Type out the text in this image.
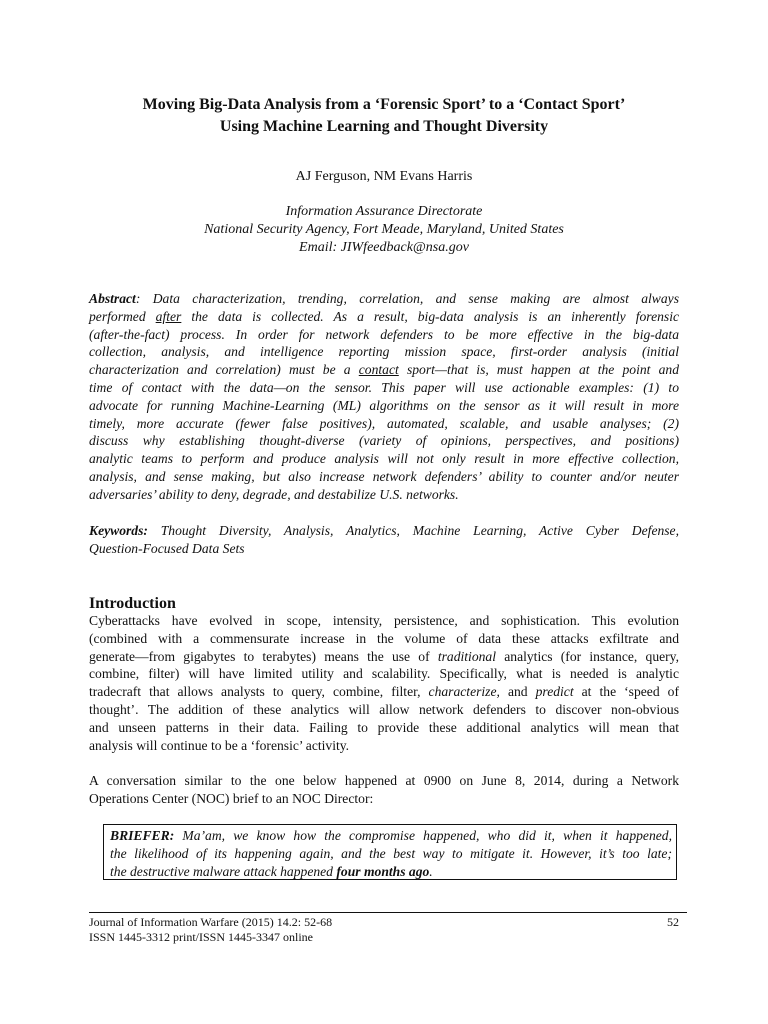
Moving Big-Data Analysis from a ‘Forensic Sport’ to a ‘Contact Sport’
Using Machine Learning and Thought Diversity
AJ Ferguson, NM Evans Harris
Information Assurance Directorate
National Security Agency, Fort Meade, Maryland, United States
Email: JIWfeedback@nsa.gov
Abstract: Data characterization, trending, correlation, and sense making are almost always
performed after the data is collected. As a result, big-data analysis is an inherently forensic
(after-the-fact) process. In order for network defenders to be more effective in the big-data
collection, analysis, and intelligence reporting mission space, first-order analysis (initial
characterization and correlation) must be a contact sport—that is, must happen at the point and
time of contact with the data—on the sensor. This paper will use actionable examples: (1) to
advocate for running Machine-Learning (ML) algorithms on the sensor as it will result in more
timely, more accurate (fewer false positives), automated, scalable, and usable analyses; (2)
discuss why establishing thought-diverse (variety of opinions, perspectives, and positions)
analytic teams to perform and produce analysis will not only result in more effective collection,
analysis, and sense making, but also increase network defenders’ ability to counter and/or neuter
adversaries’ ability to deny, degrade, and destabilize U.S. networks.
Keywords: Thought Diversity, Analysis, Analytics, Machine Learning, Active Cyber Defense,
Question-Focused Data Sets
Introduction
Cyberattacks have evolved in scope, intensity, persistence, and sophistication. This evolution
(combined with a commensurate increase in the volume of data these attacks exfiltrate and
generate—from gigabytes to terabytes) means the use of traditional analytics (for instance, query,
combine, filter) will have limited utility and scalability. Specifically, what is needed is analytic
tradecraft that allows analysts to query, combine, filter, characterize, and predict at the ‘speed of
thought’. The addition of these analytics will allow network defenders to discover non-obvious
and unseen patterns in their data. Failing to provide these additional analytics will mean that
analysis will continue to be a ‘forensic’ activity.
A conversation similar to the one below happened at 0900 on June 8, 2014, during a Network
Operations Center (NOC) brief to an NOC Director:
BRIEFER: Ma’am, we know how the compromise happened, who did it, when it happened,
the likelihood of its happening again, and the best way to mitigate it. However, it’s too late;
the destructive malware attack happened four months ago.
Journal of Information Warfare (2015) 14.2: 52-68	52
ISSN 1445-3312 print/ISSN 1445-3347 online
